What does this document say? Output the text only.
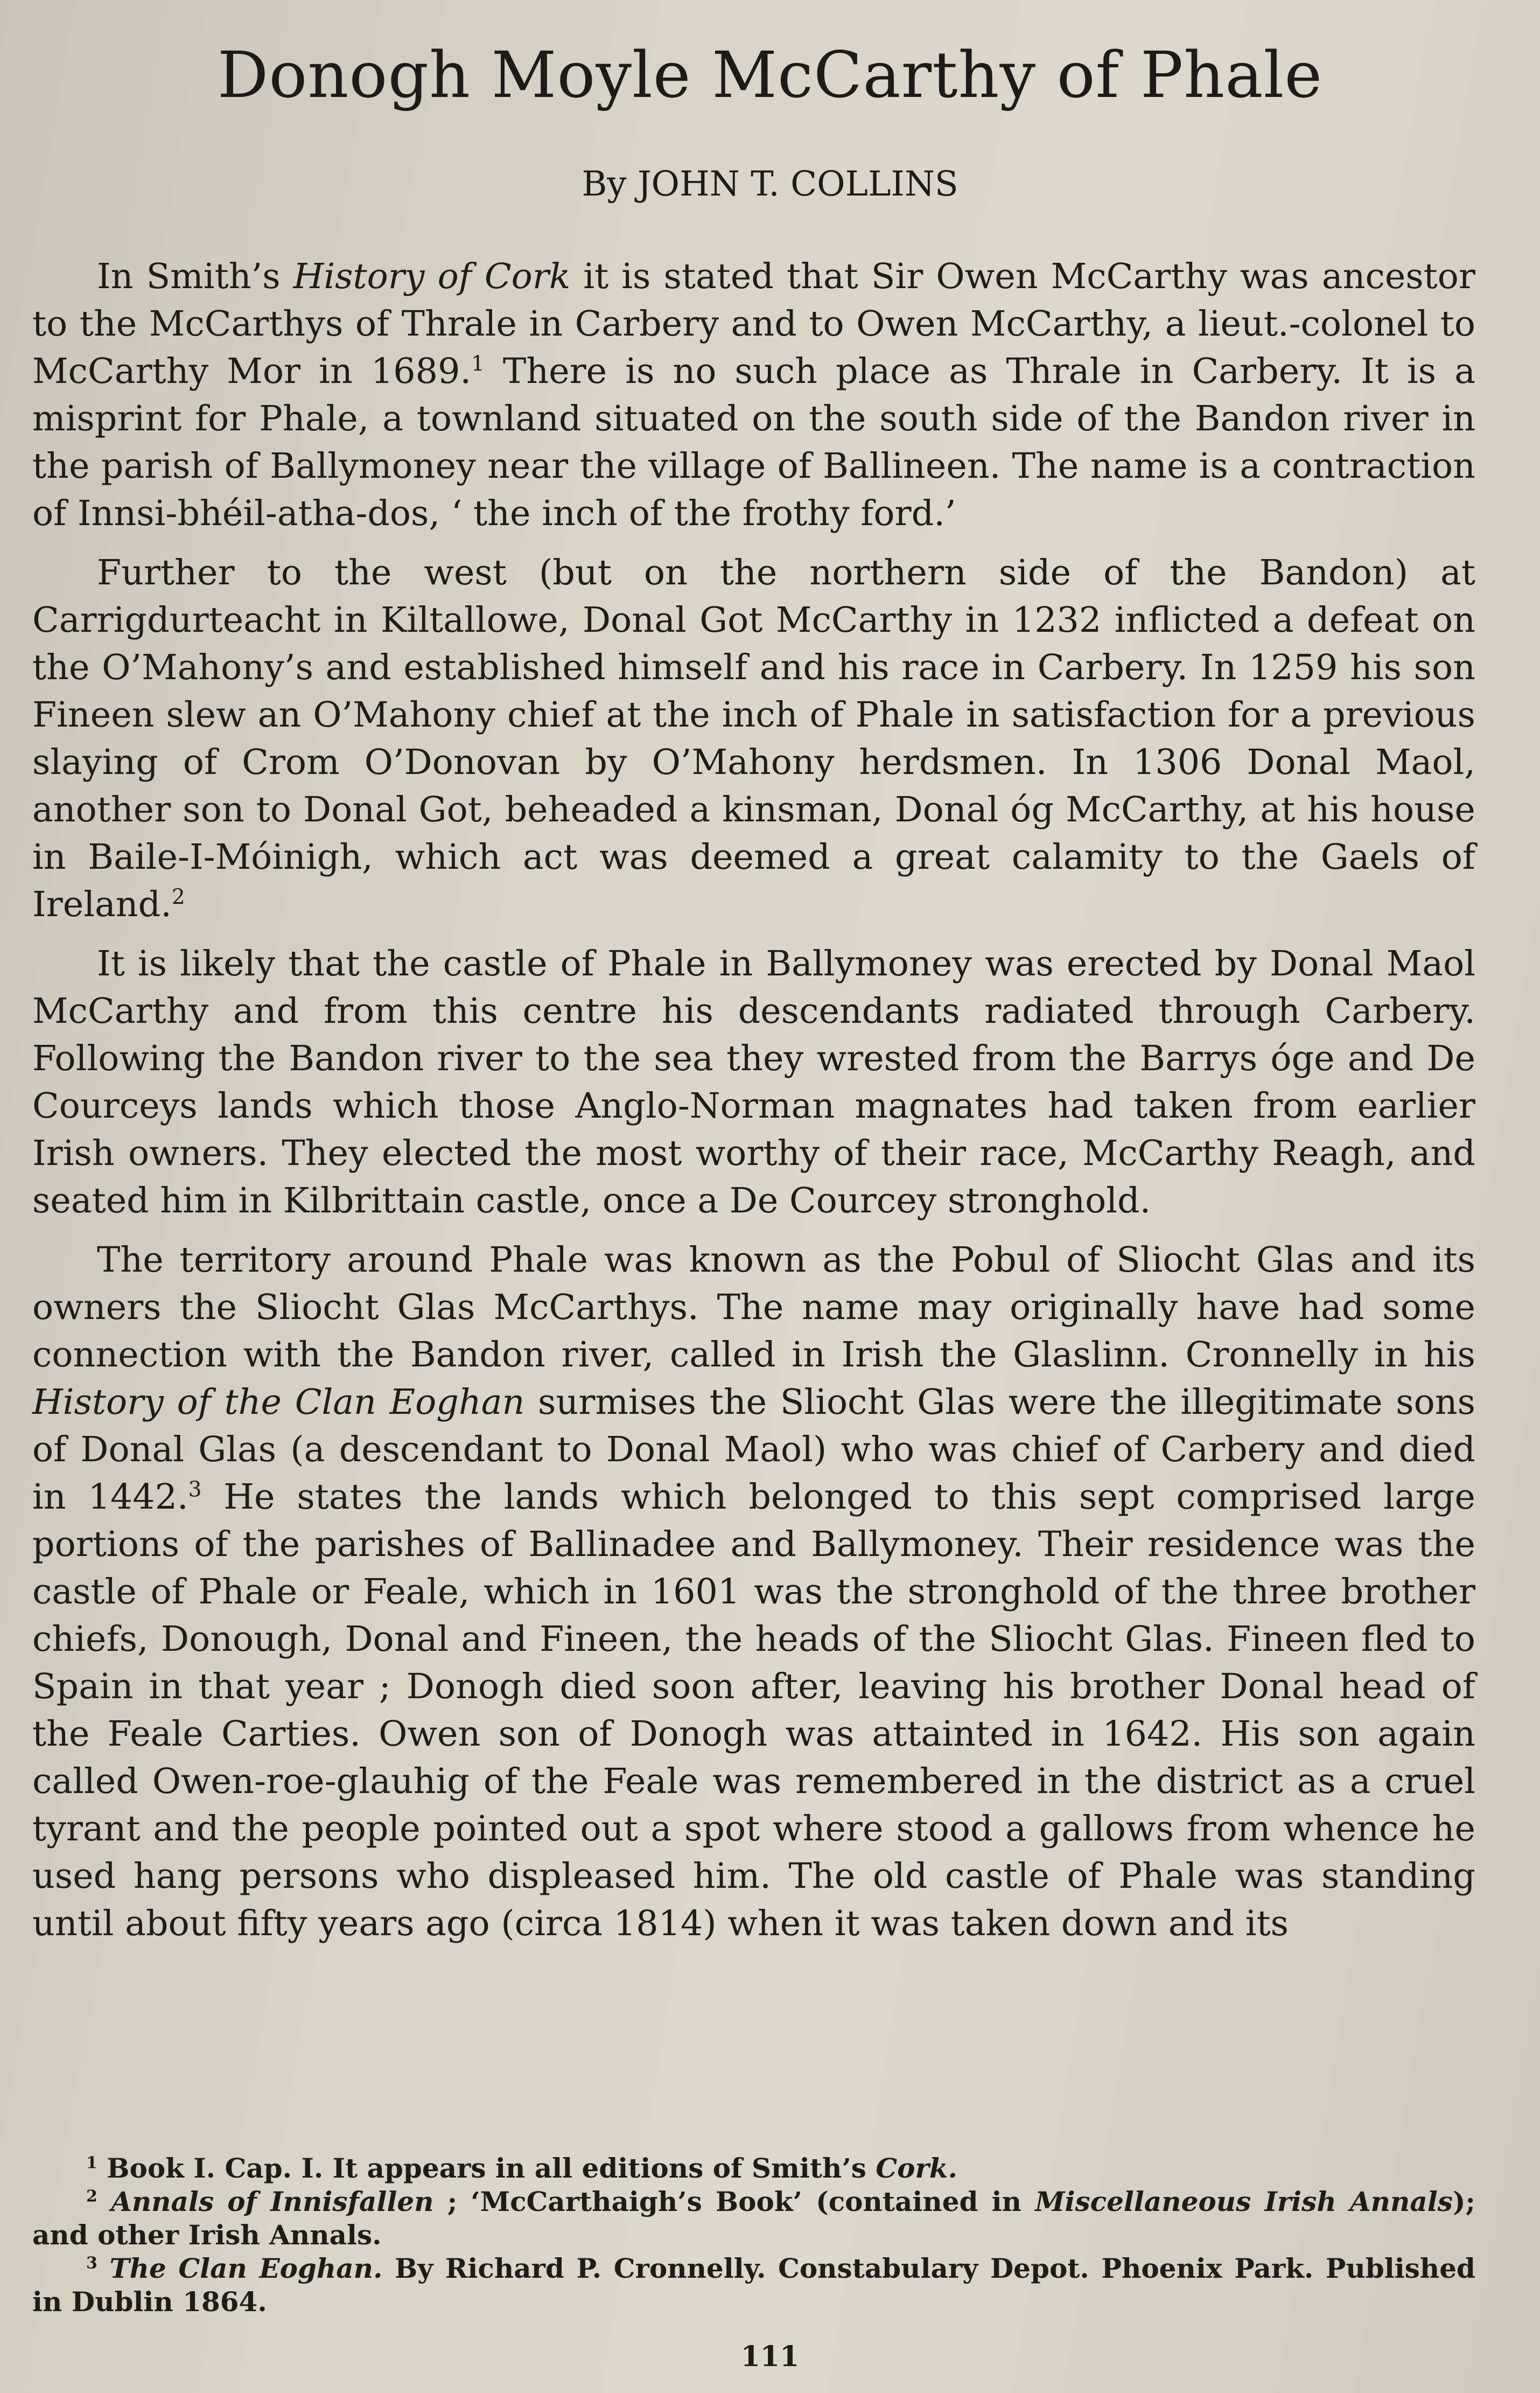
Donogh Moyle McCarthy of Phale
By JOHN T. COLLINS

In Smith’s History of Cork it is stated that Sir Owen McCarthy was ancestor to the McCarthys of Thrale in Carbery and to Owen McCarthy, a lieut.-colonel to McCarthy Mor in 1689.$^1$ There is no such place as Thrale in Carbery. It is a misprint for Phale, a townland situated on the south side of the Bandon river in the parish of Ballymoney near the village of Ballineen. The name is a contraction of Innsi-bhéil-atha-dos, ‘ the inch of the frothy ford.’

Further to the west (but on the northern side of the Bandon) at Carrigdurteacht in Kiltallowe, Donal Got McCarthy in 1232 inflicted a defeat on the O’Mahony’s and established himself and his race in Carbery. In 1259 his son Fineen slew an O’Mahony chief at the inch of Phale in satisfaction for a previous slaying of Crom O’Donovan by O’Mahony herdsmen. In 1306 Donal Maol, another son to Donal Got, beheaded a kinsman, Donal óg McCarthy, at his house in Baile-I-Móinigh, which act was deemed a great calamity to the Gaels of Ireland.$^2$

It is likely that the castle of Phale in Ballymoney was erected by Donal Maol McCarthy and from this centre his descendants radiated through Carbery. Following the Bandon river to the sea they wrested from the Barrys óge and De Courceys lands which those Anglo-Norman magnates had taken from earlier Irish owners. They elected the most worthy of their race, McCarthy Reagh, and seated him in Kilbrittain castle, once a De Courcey stronghold.

The territory around Phale was known as the Pobul of Sliocht Glas and its owners the Sliocht Glas McCarthys. The name may originally have had some connection with the Bandon river, called in Irish the Glaslinn. Cronnelly in his History of the Clan Eoghan surmises the Sliocht Glas were the illegitimate sons of Donal Glas (a descendant to Donal Maol) who was chief of Carbery and died in 1442.$^3$ He states the lands which belonged to this sept comprised large portions of the parishes of Ballinadee and Ballymoney. Their residence was the castle of Phale or Feale, which in 1601 was the stronghold of the three brother chiefs, Donough, Donal and Fineen, the heads of the Sliocht Glas. Fineen fled to Spain in that year ; Donogh died soon after, leaving his brother Donal head of the Feale Carties. Owen son of Donogh was attainted in 1642. His son again called Owen-roe-glauhig of the Feale was remembered in the district as a cruel tyrant and the people pointed out a spot where stood a gallows from whence he used hang persons who displeased him. The old castle of Phale was standing until about fifty years ago (circa 1814) when it was taken down and its

$^1$ Book I. Cap. I. It appears in all editions of Smith’s Cork.

$^2$ Annals of Innisfallen ; ‘McCarthaigh’s Book’ (contained in Miscellaneous Irish Annals); and other Irish Annals.

$^3$ The Clan Eoghan. By Richard P. Cronnelly. Constabulary Depot. Phoenix Park. Published in Dublin 1864.

111
